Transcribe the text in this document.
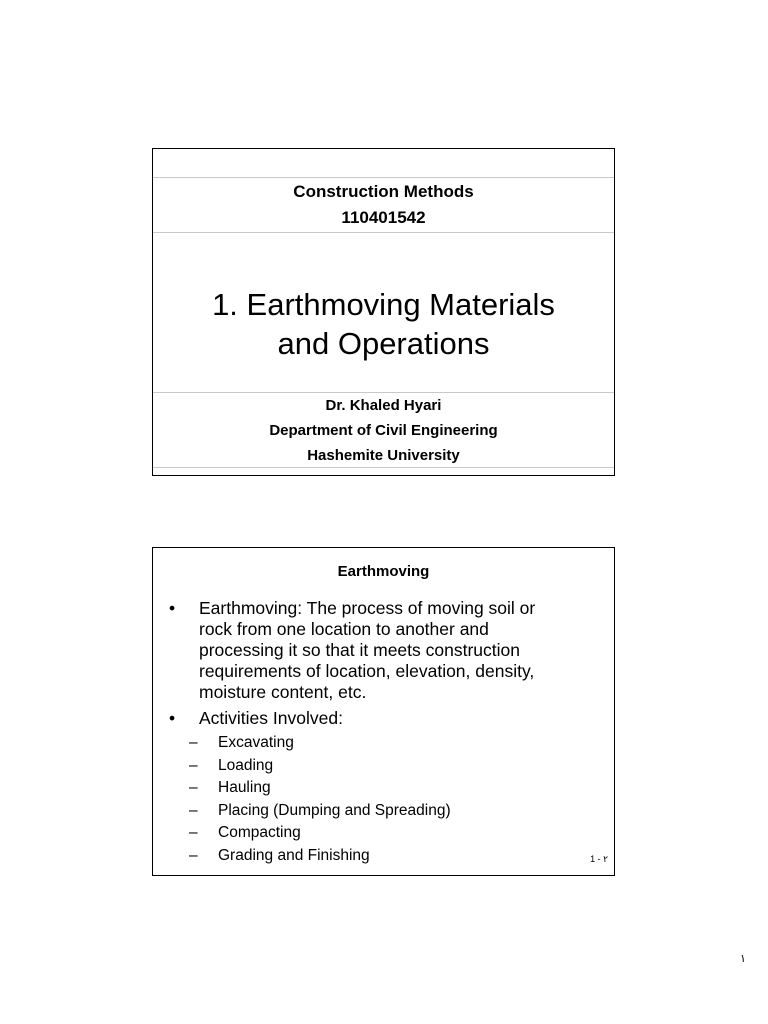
Construction Methods
110401542
1. Earthmoving Materials
and Operations
Dr. Khaled Hyari
Department of Civil Engineering
Hashemite University
Earthmoving
• Earthmoving: The process of moving soil or
rock from one location to another and
processing it so that it meets construction
requirements of location, elevation, density,
moisture content, etc.
• Activities Involved:
– Excavating
– Loading
– Hauling
– Placing (Dumping and Spreading)
– Compacting
– Grading and Finishing	1 - ٢
١
